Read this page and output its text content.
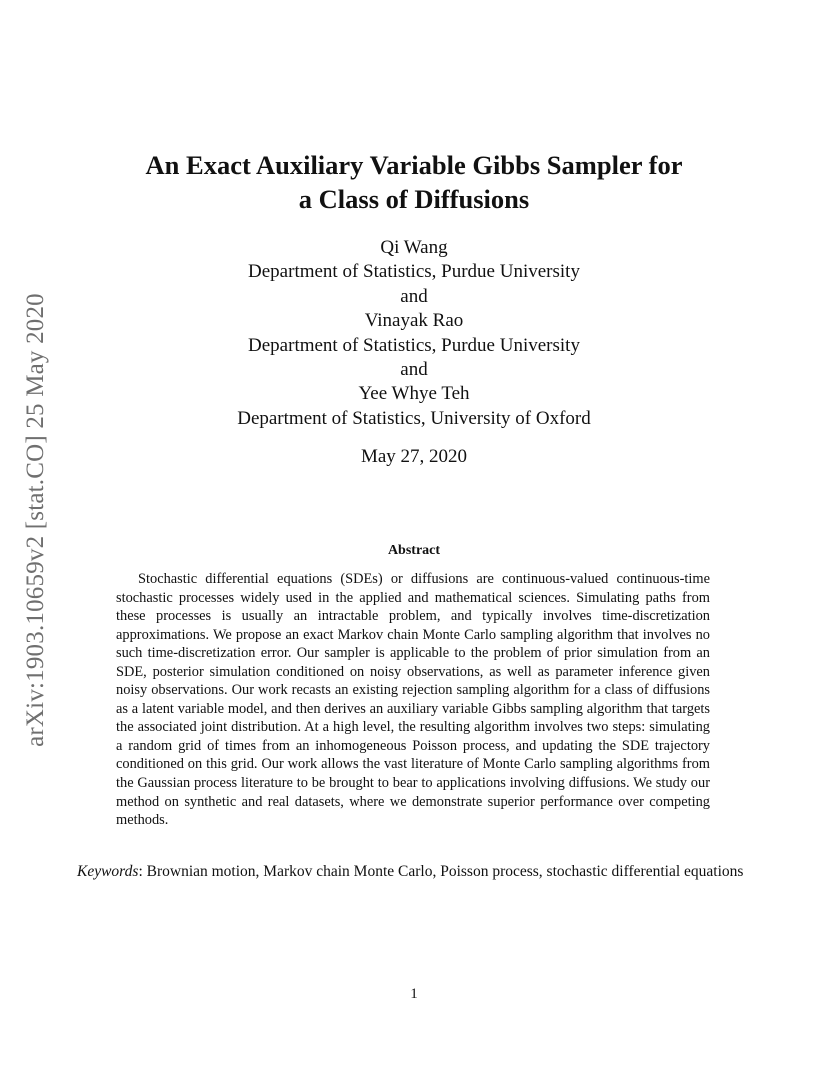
arXiv:1903.10659v2 [stat.CO] 25 May 2020
An Exact Auxiliary Variable Gibbs Sampler for
a Class of Diffusions
Qi Wang
Department of Statistics, Purdue University
and
Vinayak Rao
Department of Statistics, Purdue University
and
Yee Whye Teh
Department of Statistics, University of Oxford
May 27, 2020
Abstract

Stochastic differential equations (SDEs) or diffusions are continuous-valued continuous-time stochastic processes widely used in the applied and mathematical sciences. Simulating paths from these processes is usually an intractable problem, and typically involves time-discretization approximations. We propose an exact Markov chain Monte Carlo sampling algorithm that involves no such time-discretization error. Our sampler is applicable to the problem of prior simulation from an SDE, posterior simulation conditioned on noisy observations, as well as parameter inference given noisy observations. Our work recasts an existing rejection sampling algorithm for a class of diffusions as a latent variable model, and then derives an auxiliary variable Gibbs sampling algorithm that targets the associated joint distribution. At a high level, the resulting algorithm involves two steps: simulating a random grid of times from an inhomogeneous Poisson process, and updating the SDE trajectory conditioned on this grid. Our work allows the vast literature of Monte Carlo sampling algorithms from the Gaussian process literature to be brought to bear to applications involving diffusions. We study our method on synthetic and real datasets, where we demonstrate superior performance over competing methods.

Keywords: Brownian motion, Markov chain Monte Carlo, Poisson process, stochastic differential equations

1
